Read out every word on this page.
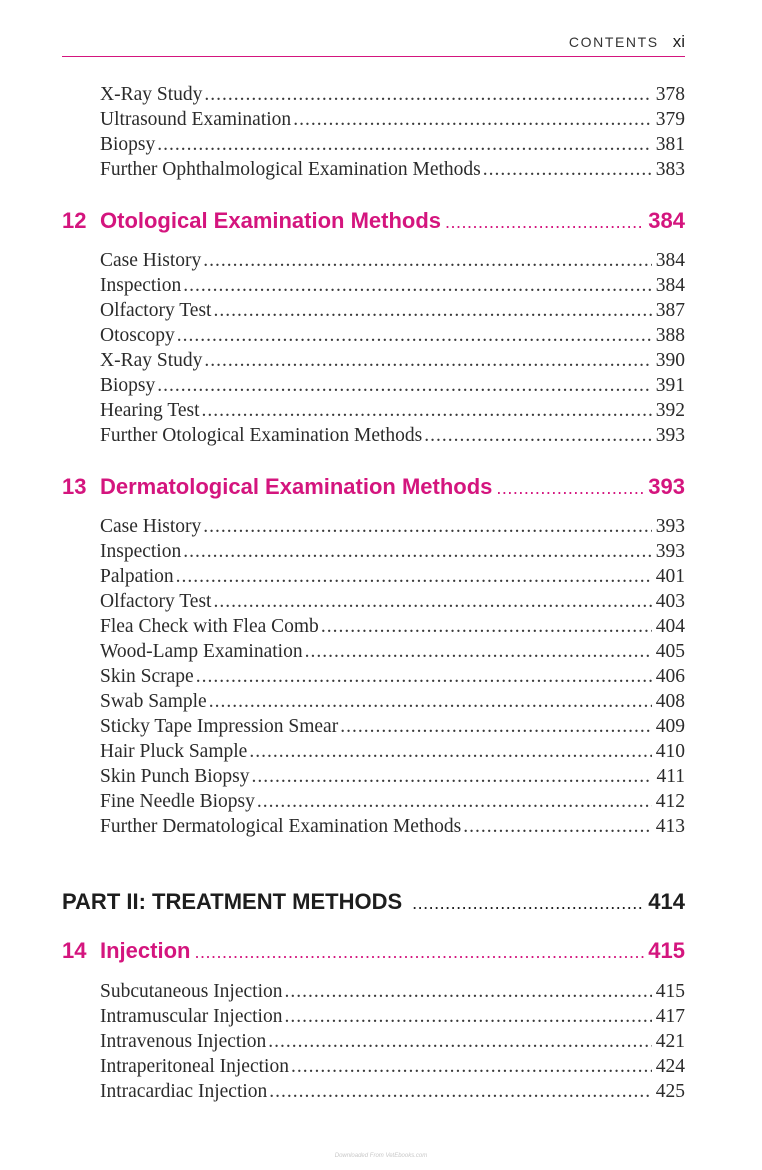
CONTENTS xi
X-Ray Study .....	378
Ultrasound Examination .....	379
Biopsy .....	381
Further Ophthalmological Examination Methods .....	383
12 Otological Examination Methods .....	384
Case History .....	384
Inspection .....	384
Olfactory Test .....	387
Otoscopy .....	388
X-Ray Study .....	390
Biopsy .....	391
Hearing Test .....	392
Further Otological Examination Methods .....	393
13 Dermatological Examination Methods .....	393
Case History .....	393
Inspection .....	393
Palpation .....	401
Olfactory Test .....	403
Flea Check with Flea Comb .....	404
Wood-Lamp Examination .....	405
Skin Scrape .....	406
Swab Sample .....	408
Sticky Tape Impression Smear .....	409
Hair Pluck Sample .....	410
Skin Punch Biopsy .....	411
Fine Needle Biopsy .....	412
Further Dermatological Examination Methods .....	413
PART II: TREATMENT METHODS .....	414
14 Injection .....	415
Subcutaneous Injection .....	415
Intramuscular Injection .....	417
Intravenous Injection .....	421
Intraperitoneal Injection .....	424
Intracardiac Injection .....	425
Downloaded From VetEbooks.com
